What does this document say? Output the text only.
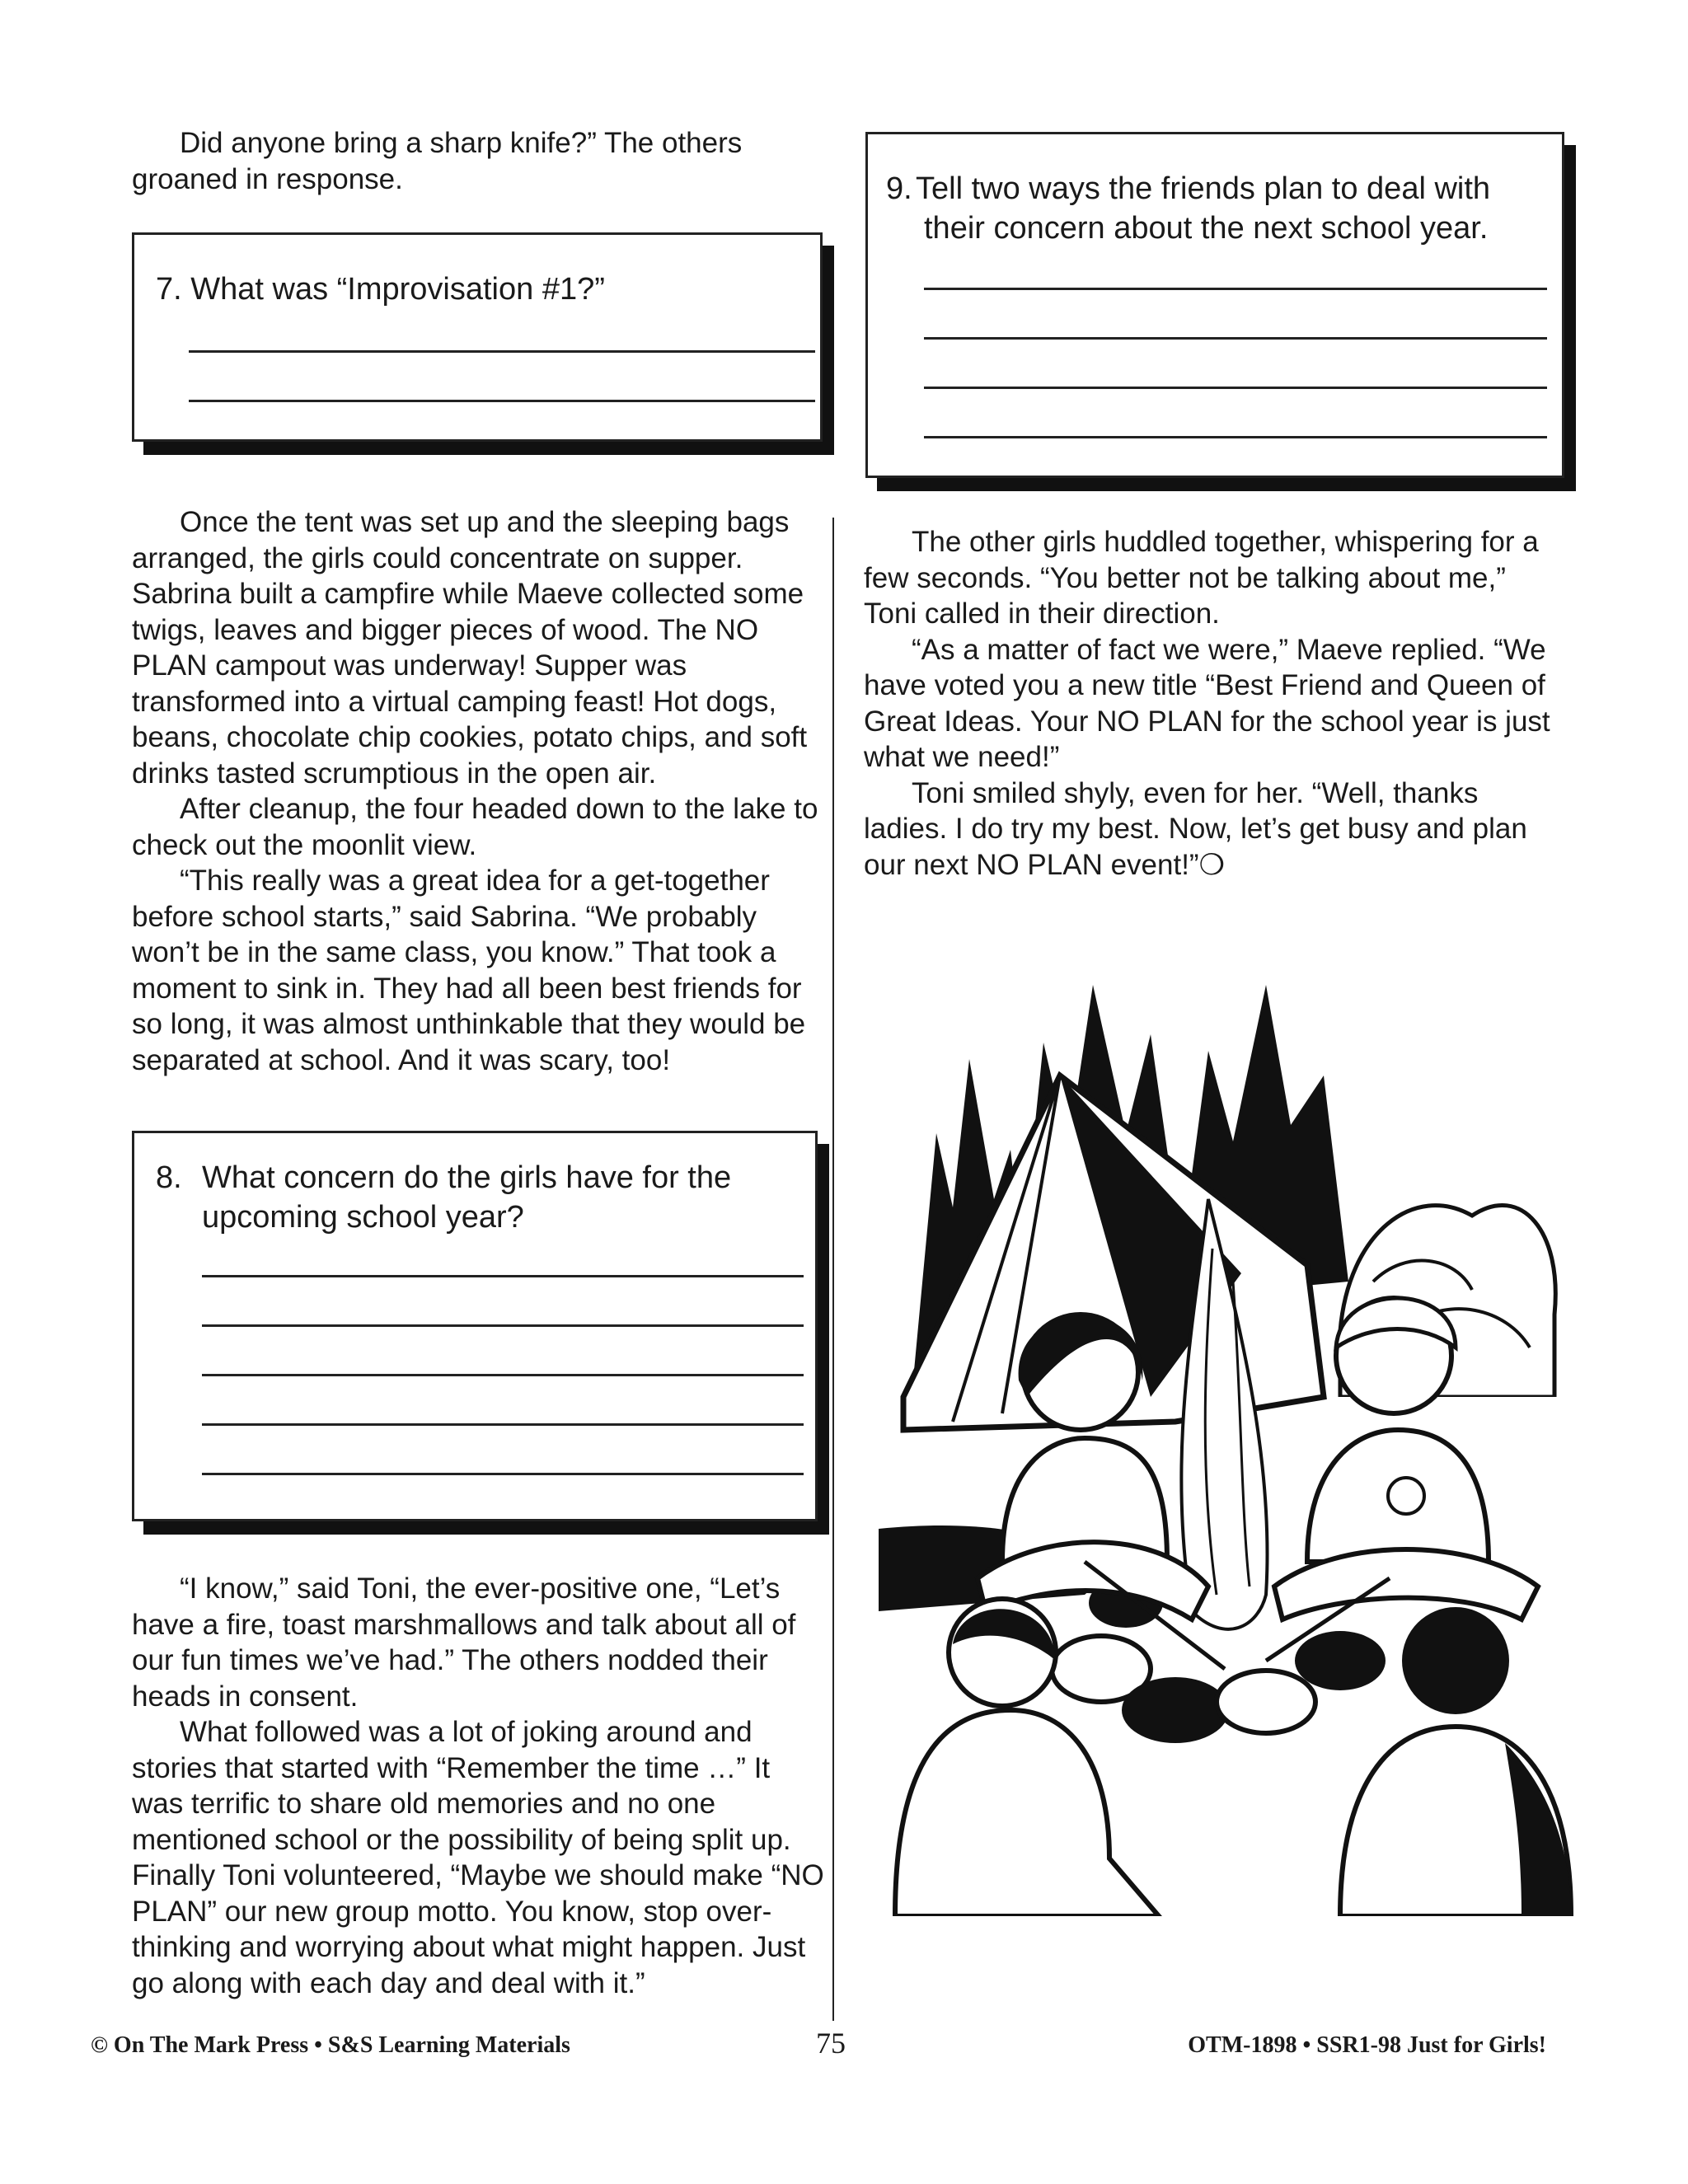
Did anyone bring a sharp knife?” The others groaned in response.

7. What was “Improvisation #1?”

Once the tent was set up and the sleeping bags arranged, the girls could concentrate on supper. Sabrina built a campfire while Maeve collected some twigs, leaves and bigger pieces of wood. The NO PLAN campout was underway! Supper was transformed into a virtual camping feast! Hot dogs, beans, chocolate chip cookies, potato chips, and soft drinks tasted scrumptious in the open air.

After cleanup, the four headed down to the lake to check out the moonlit view.

“This really was a great idea for a get-together before school starts,” said Sabrina. “We probably won’t be in the same class, you know.” That took a moment to sink in. They had all been best friends for so long, it was almost unthinkable that they would be separated at school. And it was scary, too!

8. What concern do the girls have for the upcoming school year?

“I know,” said Toni, the ever-positive one, “Let’s have a fire, toast marshmallows and talk about all of our fun times we’ve had.” The others nodded their heads in consent.

What followed was a lot of joking around and stories that started with “Remember the time …” It was terrific to share old memories and no one mentioned school or the possibility of being split up. Finally Toni volunteered, “Maybe we should make “NO PLAN” our new group motto. You know, stop over-thinking and worrying about what might happen. Just go along with each day and deal with it.”

9. Tell two ways the friends plan to deal with their concern about the next school year.

The other girls huddled together, whispering for a few seconds. “You better not be talking about me,” Toni called in their direction.

“As a matter of fact we were,” Maeve replied. “We have voted you a new title “Best Friend and Queen of Great Ideas. Your NO PLAN for the school year is just what we need!”

Toni smiled shyly, even for her. “Well, thanks ladies. I do try my best. Now, let’s get busy and plan our next NO PLAN event!”❍

© On The Mark Press • S&S Learning Materials	75	OTM-1898 • SSR1-98 Just for Girls!
